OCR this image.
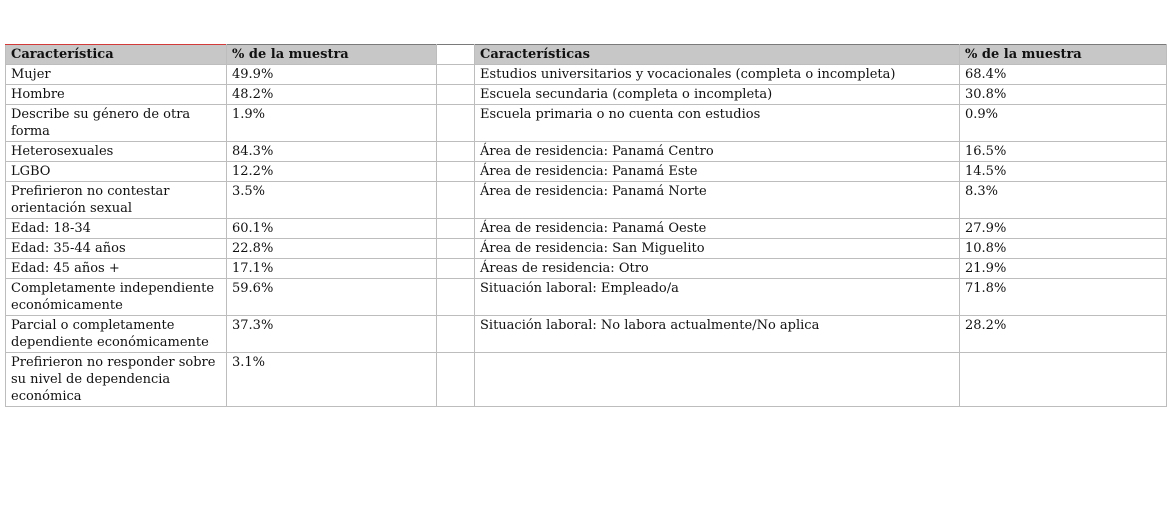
Característica	% de la muestra		Características	% de la muestra
Mujer	49.9%		Estudios universitarios y vocacionales (completa o incompleta)	68.4%
Hombre	48.2%		Escuela secundaria (completa o incompleta)	30.8%
Describe su género de otra forma	1.9%		Escuela primaria o no cuenta con estudios	0.9%
Heterosexuales	84.3%		Área de residencia: Panamá Centro	16.5%
LGBO	12.2%		Área de residencia: Panamá Este	14.5%
Prefirieron no contestar orientación sexual	3.5%		Área de residencia: Panamá Norte	8.3%
Edad: 18-34	60.1%		Área de residencia: Panamá Oeste	27.9%
Edad: 35-44 años	22.8%		Área de residencia: San Miguelito	10.8%
Edad: 45 años +	17.1%		Áreas de residencia: Otro	21.9%
Completamente independiente económicamente	59.6%		Situación laboral: Empleado/a	71.8%
Parcial o completamente dependiente económicamente	37.3%		Situación laboral: No labora actualmente/No aplica	28.2%
Prefirieron no responder sobre su nivel de dependencia económica	3.1%			
